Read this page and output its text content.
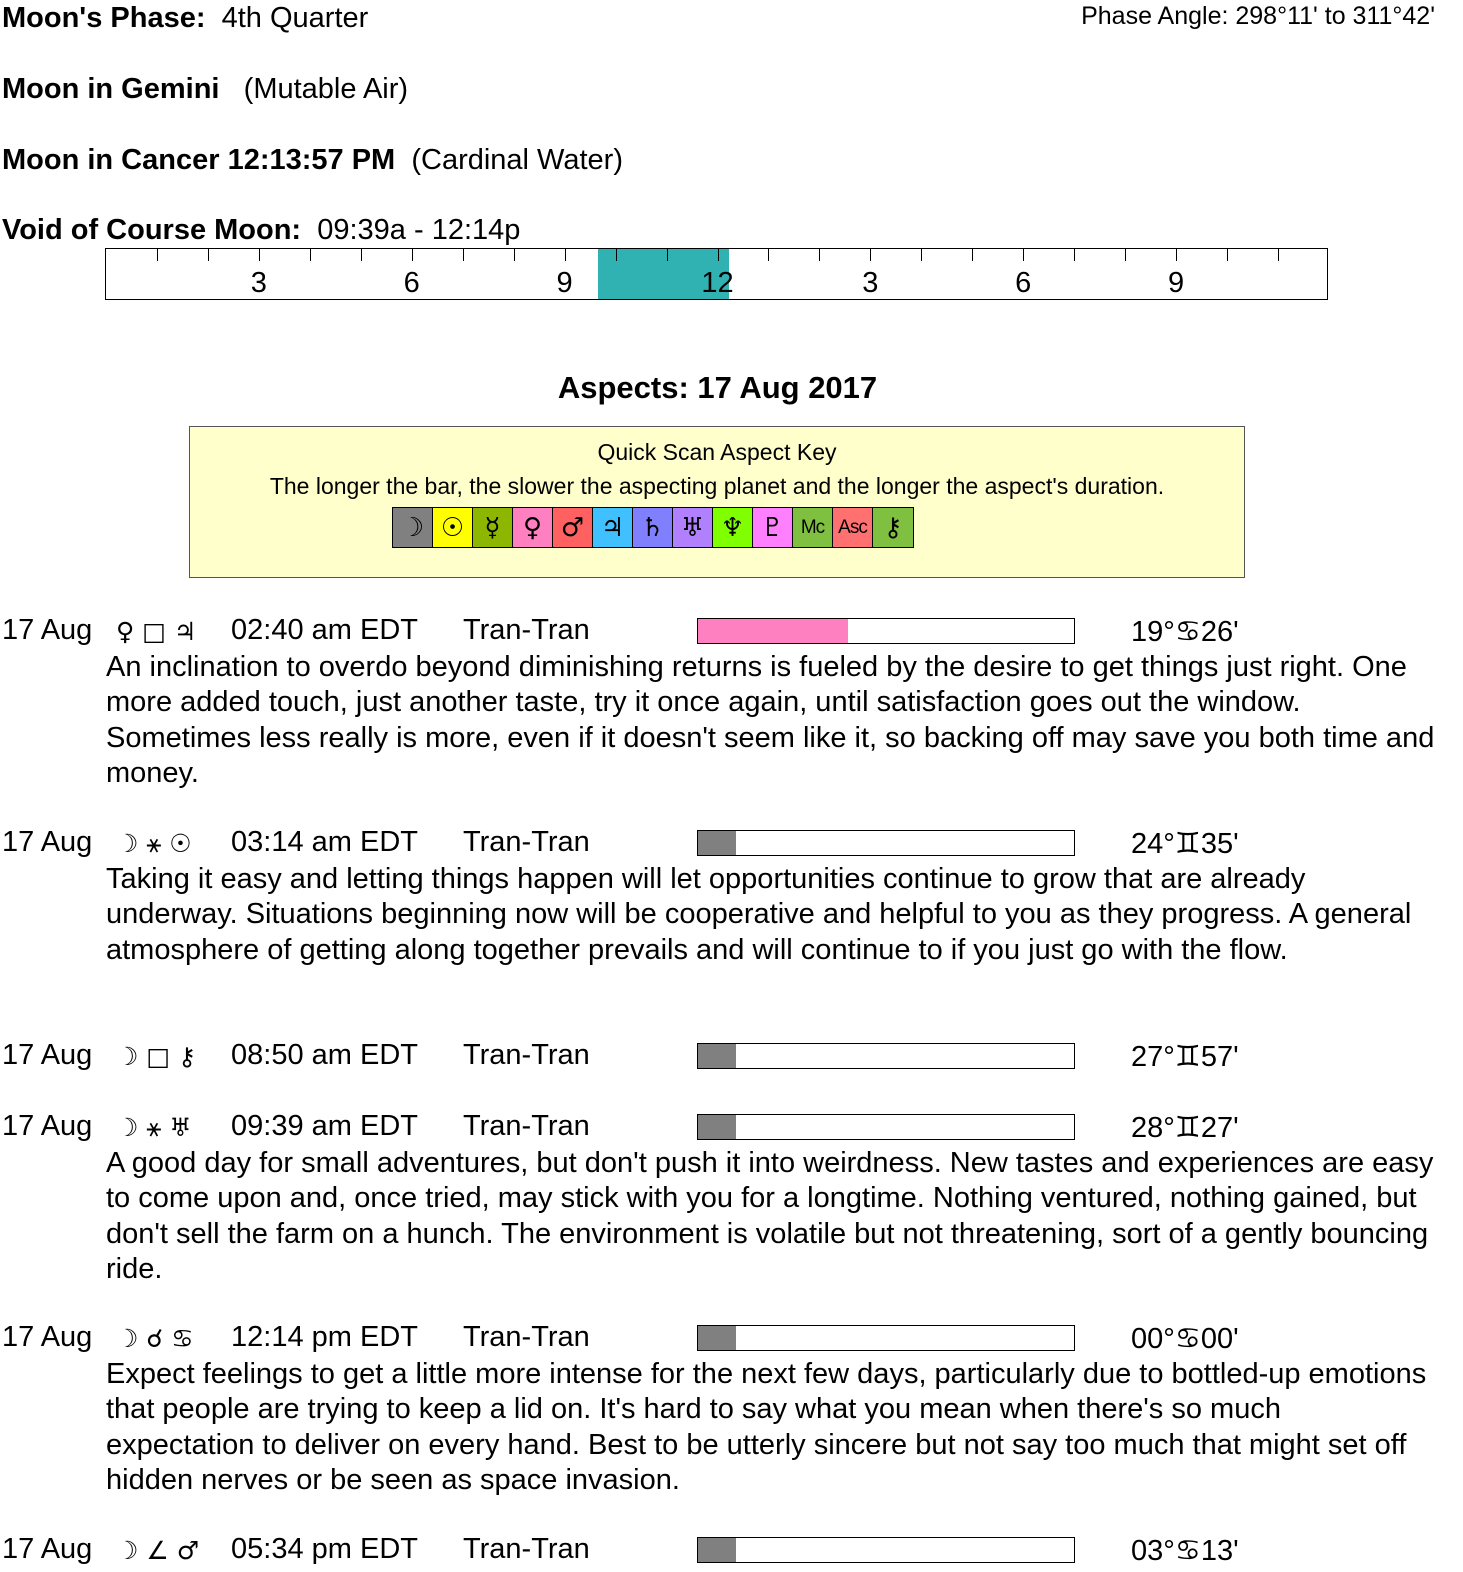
Moon's Phase: 4th Quarter	Phase Angle: 298°11' to 311°42'
Moon in Gemini (Mutable Air)
Moon in Cancer 12:13:57 PM (Cardinal Water)
Void of Course Moon: 09:39a - 12:14p
3	6	9	12	3	6	9
Aspects: 17 Aug 2017
Quick Scan Aspect Key
The longer the bar, the slower the aspecting planet and the longer the aspect's duration.
☽ ☉ ☿ ♀ ♂ ♃ ♄ ♅ ♆ ♇ Mc Asc ⚷
17 Aug ♀ □ ♃ 02:40 am EDT Tran-Tran	19°♋26'
An inclination to overdo beyond diminishing returns is fueled by the desire to get things just right. One more added touch, just another taste, try it once again, until satisfaction goes out the window. Sometimes less really is more, even if it doesn't seem like it, so backing off may save you both time and money.
17 Aug ☽ ⚹ ☉ 03:14 am EDT Tran-Tran	24°♊35'
Taking it easy and letting things happen will let opportunities continue to grow that are already underway. Situations beginning now will be cooperative and helpful to you as they progress. A general atmosphere of getting along together prevails and will continue to if you just go with the flow.
17 Aug ☽ □ ⚷ 08:50 am EDT Tran-Tran	27°♊57'
17 Aug ☽ ⚹ ♅ 09:39 am EDT Tran-Tran	28°♊27'
A good day for small adventures, but don't push it into weirdness. New tastes and experiences are easy to come upon and, once tried, may stick with you for a longtime. Nothing ventured, nothing gained, but don't sell the farm on a hunch. The environment is volatile but not threatening, sort of a gently bouncing ride.
17 Aug ☽ ☌ ♋ 12:14 pm EDT Tran-Tran	00°♋00'
Expect feelings to get a little more intense for the next few days, particularly due to bottled-up emotions that people are trying to keep a lid on. It's hard to say what you mean when there's so much expectation to deliver on every hand. Best to be utterly sincere but not say too much that might set off hidden nerves or be seen as space invasion.
17 Aug ☽ ∠ ♂ 05:34 pm EDT Tran-Tran	03°♋13'
